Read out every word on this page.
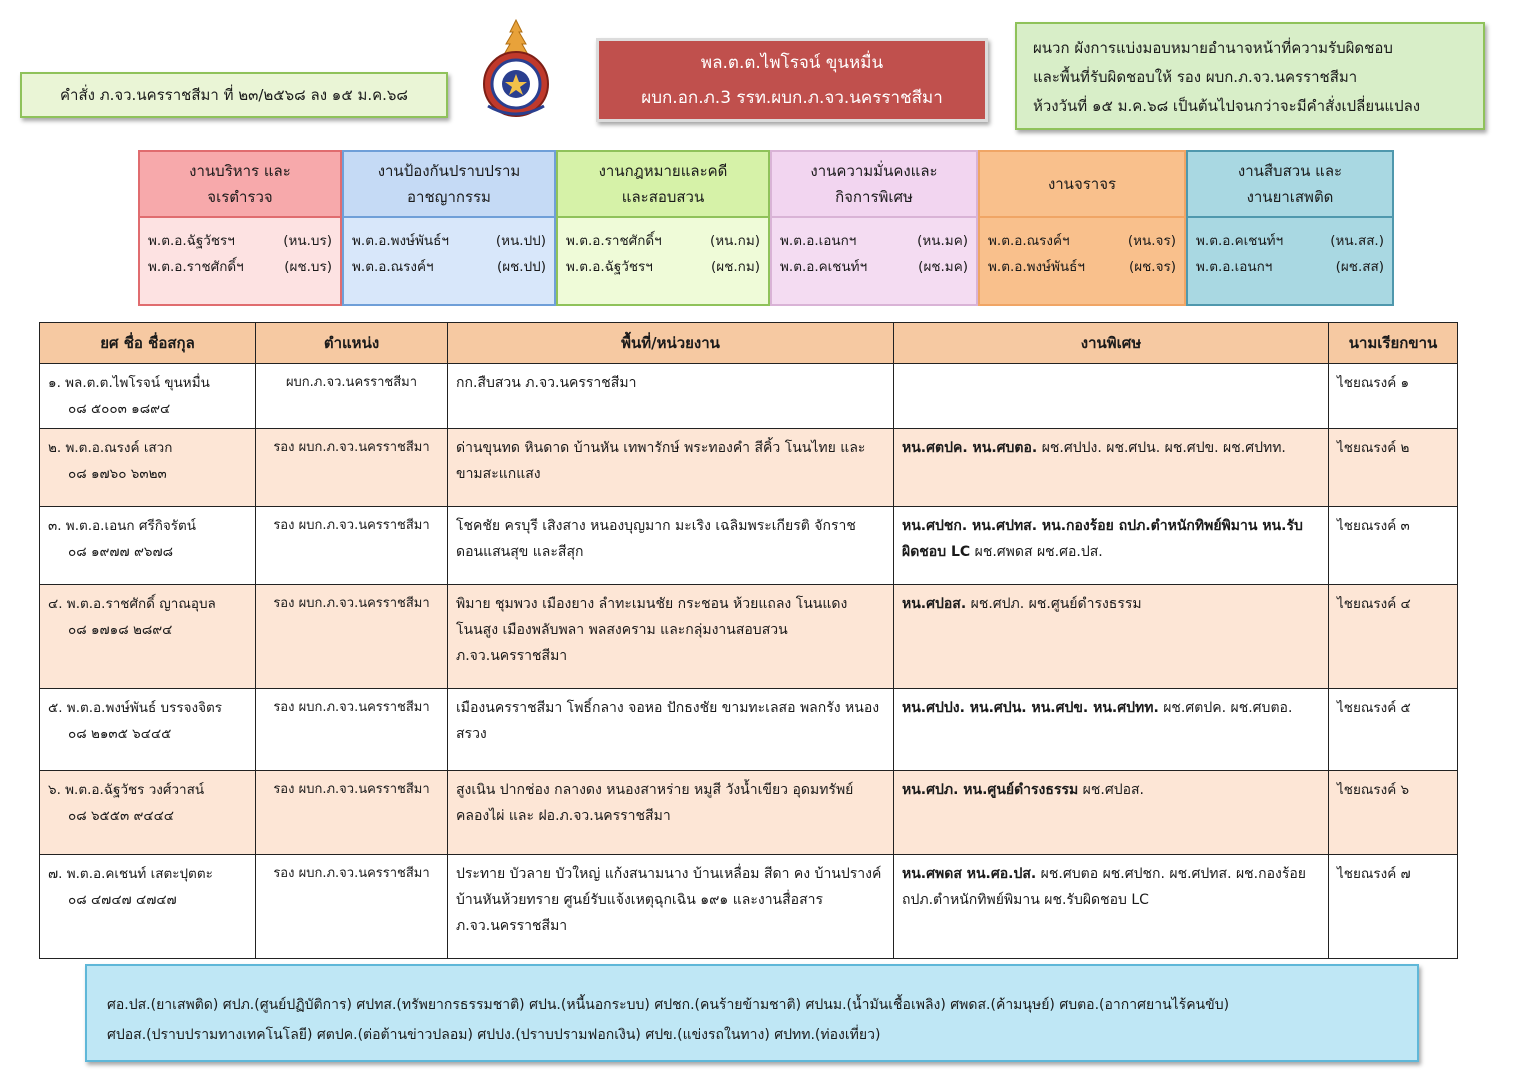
คำสั่ง ภ.จว.นครราชสีมา ที่ ๒๓/๒๕๖๘ ลง ๑๕ ม.ค.๖๘
พล.ต.ต.ไพโรจน์ ขุนหมื่น
ผบก.อก.ภ.3 รรท.ผบก.ภ.จว.นครราชสีมา
ผนวก ผังการแบ่งมอบหมายอำนาจหน้าที่ความรับผิดชอบ
และพื้นที่รับผิดชอบให้ รอง ผบก.ภ.จว.นครราชสีมา
ห้วงวันที่ ๑๕ ม.ค.๖๘ เป็นต้นไปจนกว่าจะมีคำสั่งเปลี่ยนแปลง
งานบริหาร และ
จเรตำรวจ
พ.ต.อ.ฉัฐวัชรฯ	(หน.บร)
พ.ต.อ.ราชศักดิ์ฯ	(ผช.บร)
งานป้องกันปราบปราม
อาชญากรรม
พ.ต.อ.พงษ์พันธ์ฯ	(หน.ปป)
พ.ต.อ.ณรงค์ฯ	(ผช.ปป)
งานกฎหมายและคดี
และสอบสวน
พ.ต.อ.ราชศักดิ์ฯ	(หน.กม)
พ.ต.อ.ฉัฐวัชรฯ	(ผช.กม)
งานความมั่นคงและ
กิจการพิเศษ
พ.ต.อ.เอนกฯ	(หน.มค)
พ.ต.อ.คเชนท์ฯ	(ผช.มค)
งานจราจร
พ.ต.อ.ณรงค์ฯ	(หน.จร)
พ.ต.อ.พงษ์พันธ์ฯ	(ผช.จร)
งานสืบสวน และ
งานยาเสพติด
พ.ต.อ.คเชนท์ฯ	(หน.สส.)
พ.ต.อ.เอนกฯ	(ผช.สส)
ยศ ชื่อ ชื่อสกุล	ตำแหน่ง	พื้นที่/หน่วยงาน	งานพิเศษ	นามเรียกขาน

๑. พล.ต.ต.ไพโรจน์ ขุนหมื่น
๐๘ ๕๐๐๓ ๑๘๙๔	ผบก.ภ.จว.นครราชสีมา	กก.สืบสวน ภ.จว.นครราชสีมา		ไชยณรงค์ ๑

๒. พ.ต.อ.ณรงค์ เสวก
๐๘ ๑๗๖๐ ๖๓๒๓	รอง ผบก.ภ.จว.นครราชสีมา	ด่านขุนทด หินดาด บ้านหัน เทพารักษ์ พระทองคำ สีคิ้ว โนนไทย และ ขามสะแกแสง	หน.ศตปค. หน.ศบตอ. ผช.ศปปง. ผช.ศปน. ผช.ศปข. ผช.ศปทท.	ไชยณรงค์ ๒

๓. พ.ต.อ.เอนก ศรีกิจรัตน์
๐๘ ๑๙๗๗ ๙๖๗๘	รอง ผบก.ภ.จว.นครราชสีมา	โชคชัย ครบุรี เสิงสาง หนองบุญมาก มะเริง เฉลิมพระเกียรติ จักราช ดอนแสนสุข และสีสุก	หน.ศปชก. หน.ศปทส. หน.กองร้อย ถปภ.ตำหนักทิพย์พิมาน หน.รับผิดชอบ LC ผช.ศพดส ผช.ศอ.ปส.	ไชยณรงค์ ๓

๔. พ.ต.อ.ราชศักดิ์ ญาณอุบล
๐๘ ๑๗๑๘ ๒๘๙๔	รอง ผบก.ภ.จว.นครราชสีมา	พิมาย ชุมพวง เมืองยาง ลำทะเมนชัย กระชอน ห้วยแถลง โนนแดง โนนสูง เมืองพลับพลา พลสงคราม และกลุ่มงานสอบสวน ภ.จว.นครราชสีมา	หน.ศปอส. ผช.ศปภ. ผช.ศูนย์ดำรงธรรม	ไชยณรงค์ ๔

๕. พ.ต.อ.พงษ์พันธ์ บรรจงจิตร
๐๘ ๒๑๓๕ ๖๔๔๕	รอง ผบก.ภ.จว.นครราชสีมา	เมืองนครราชสีมา โพธิ์กลาง จอหอ ปักธงชัย ขามทะเลสอ พลกรัง หนองสรวง	หน.ศปปง. หน.ศปน. หน.ศปข. หน.ศปทท. ผช.ศตปค. ผช.ศบตอ.	ไชยณรงค์ ๕

๖. พ.ต.อ.ฉัฐวัชร วงศ์วาสน์
๐๘ ๖๕๕๓ ๙๔๔๔	รอง ผบก.ภ.จว.นครราชสีมา	สูงเนิน ปากช่อง กลางดง หนองสาหร่าย หมูสี วังน้ำเขียว อุดมทรัพย์ คลองไผ่ และ ฝอ.ภ.จว.นครราชสีมา	หน.ศปภ. หน.ศูนย์ดำรงธรรม ผช.ศปอส.	ไชยณรงค์ ๖

๗. พ.ต.อ.คเชนท์ เสตะปุตตะ
๐๘ ๔๗๔๗ ๔๗๔๗	รอง ผบก.ภ.จว.นครราชสีมา	ประทาย บัวลาย บัวใหญ่ แก้งสนามนาง บ้านเหลื่อม สีดา คง บ้านปรางค์ บ้านหันห้วยทราย ศูนย์รับแจ้งเหตุฉุกเฉิน ๑๙๑ และงานสื่อสาร ภ.จว.นครราชสีมา	หน.ศพดส หน.ศอ.ปส. ผช.ศบตอ ผช.ศปชก. ผช.ศปทส. ผช.กองร้อย ถปภ.ตำหนักทิพย์พิมาน ผช.รับผิดชอบ LC	ไชยณรงค์ ๗
ศอ.ปส.(ยาเสพติด) ศปภ.(ศูนย์ปฏิบัติการ) ศปทส.(ทรัพยากรธรรมชาติ) ศปน.(หนี้นอกระบบ) ศปชก.(คนร้ายข้ามชาติ) ศปนม.(น้ำมันเชื้อเพลิง) ศพดส.(ค้ามนุษย์) ศบตอ.(อากาศยานไร้คนขับ)
ศปอส.(ปราบปรามทางเทคโนโลยี) ศตปค.(ต่อต้านข่าวปลอม) ศปปง.(ปราบปรามฟอกเงิน) ศปข.(แข่งรถในทาง) ศปทท.(ท่องเที่ยว)
